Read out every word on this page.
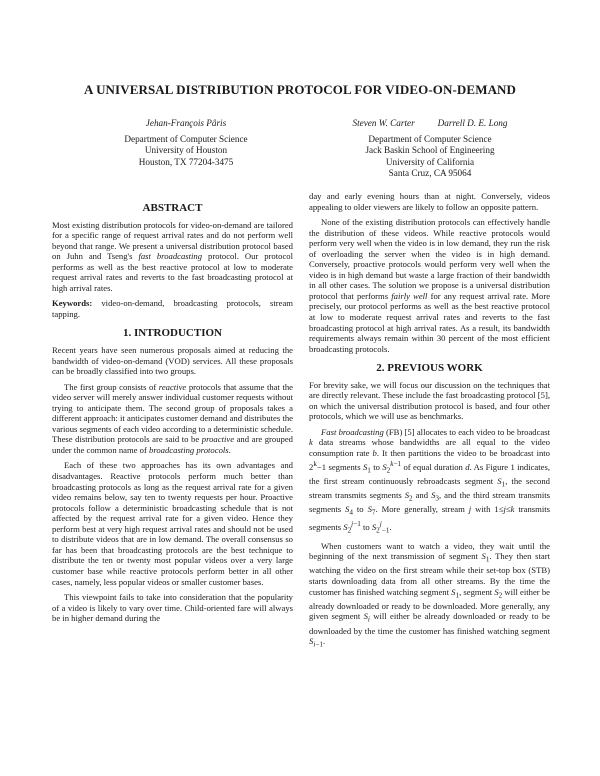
A UNIVERSAL DISTRIBUTION PROTOCOL FOR VIDEO-ON-DEMAND
Jehan-François Pâris
Department of Computer Science
University of Houston
Houston, TX 77204-3475
Steven W. Carter          Darrell D. E. Long
Department of Computer Science
Jack Baskin School of Engineering
University of California
Santa Cruz, CA 95064
ABSTRACT

Most existing distribution protocols for video-on-demand are tailored for a specific range of request arrival rates and do not perform well beyond that range. We present a universal distribution protocol based on Juhn and Tseng's fast broadcasting protocol. Our protocol performs as well as the best reactive protocol at low to moderate request arrival rates and reverts to the fast broadcasting protocol at high arrival rates.

Keywords: video-on-demand, broadcasting protocols, stream tapping.

1. INTRODUCTION

Recent years have seen numerous proposals aimed at reducing the bandwidth of video-on-demand (VOD) services. All these proposals can be broadly classified into two groups.

The first group consists of reactive protocols that assume that the video server will merely answer individual customer requests without trying to anticipate them. The second group of proposals takes a different approach: it anticipates customer demand and distributes the various segments of each video according to a deterministic schedule. These distribution protocols are said to be proactive and are grouped under the common name of broadcasting protocols.

Each of these two approaches has its own advantages and disadvantages. Reactive protocols perform much better than broadcasting protocols as long as the request arrival rate for a given video remains below, say ten to twenty requests per hour. Proactive protocols follow a deterministic broadcasting schedule that is not affected by the request arrival rate for a given video. Hence they perform best at very high request arrival rates and should not be used to distribute videos that are in low demand. The overall consensus so far has been that broadcasting protocols are the best technique to distribute the ten or twenty most popular videos over a very large customer base while reactive protocols perform better in all other cases, namely, less popular videos or smaller customer bases.

This viewpoint fails to take into consideration that the popularity of a video is likely to vary over time. Child-oriented fare will always be in higher demand during the

day and early evening hours than at night. Conversely, videos appealing to older viewers are likely to follow an opposite pattern.

None of the existing distribution protocols can effectively handle the distribution of these videos. While reactive protocols would perform very well when the video is in low demand, they run the risk of overloading the server when the video is in high demand. Conversely, proactive protocols would perform very well when the video is in high demand but waste a large fraction of their bandwidth in all other cases. The solution we propose is a universal distribution protocol that performs fairly well for any request arrival rate. More precisely, our protocol performs as well as the best reactive protocol at low to moderate request arrival rates and reverts to the fast broadcasting protocol at high arrival rates. As a result, its bandwidth requirements always remain within 30 percent of the most efficient broadcasting protocols.

2. PREVIOUS WORK

For brevity sake, we will focus our discussion on the techniques that are directly relevant. These include the fast broadcasting protocol [5], on which the universal distribution protocol is based, and four other protocols, which we will use as benchmarks.

Fast broadcasting (FB) [5] allocates to each video to be broadcast k data streams whose bandwidths are all equal to the video consumption rate b. It then partitions the video to be broadcast into $2^k-1$ segments $S_1$ to $S_2^{k-1}$ of equal duration d. As Figure 1 indicates, the first stream continuously rebroadcasts segment $S_1$, the second stream transmits segments $S_2$ and $S_3$, and the third stream transmits segments $S_4$ to $S_7$. More generally, stream j with 1≤j≤k transmits segments $S_2^{j-1}$ to $S_2^j_{-1}$.

When customers want to watch a video, they wait until the beginning of the next transmission of segment $S_1$. They then start watching the video on the first stream while their set-top box (STB) starts downloading data from all other streams. By the time the customer has finished watching segment $S_1$, segment $S_2$ will either be already downloaded or ready to be downloaded. More generally, any given segment $S_i$ will either be already downloaded or ready to be downloaded by the time the customer has finished watching segment $S_{i-1}$.
